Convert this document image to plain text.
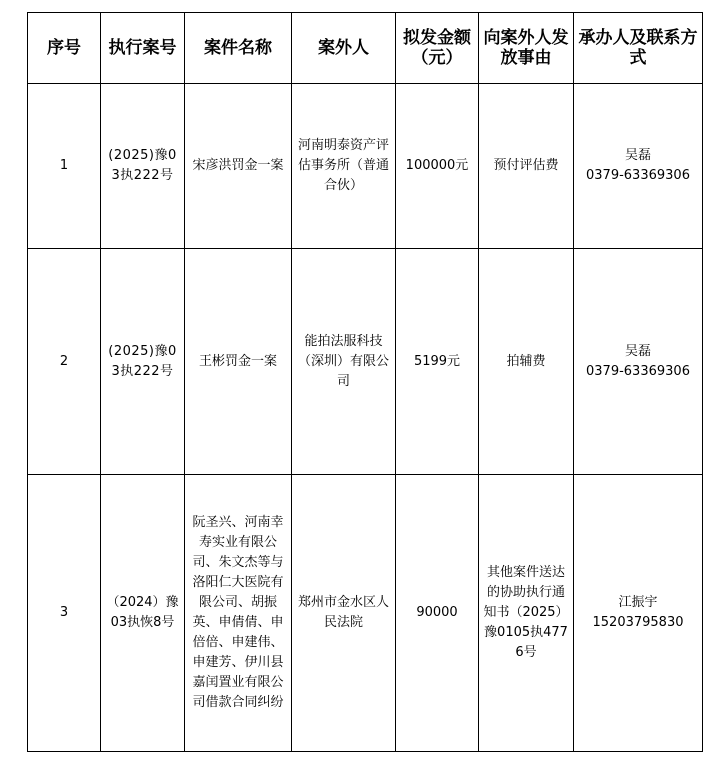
序号	执行案号	案件名称	案外人	拟发金额（元）	向案外人发放事由	承办人及联系方式
1	(2025)豫03执222号	宋彦洪罚金一案	河南明泰资产评估事务所（普通合伙）	100000元	预付评估费	吴磊
0379-63369306

2	(2025)豫03执222号	王彬罚金一案	能拍法服科技（深圳）有限公司	5199元	拍辅费	吴磊
0379-63369306

3	（2024）豫03执恢8号	阮圣兴、河南幸寿实业有限公司、朱文杰等与洛阳仁大医院有限公司、胡振英、申倩倩、申倍倍、申建伟、申建芳、伊川县嘉闰置业有限公司借款合同纠纷	郑州市金水区人民法院	90000	其他案件送达的协助执行通知书（2025）豫0105执4776号	江振宇
15203795830
